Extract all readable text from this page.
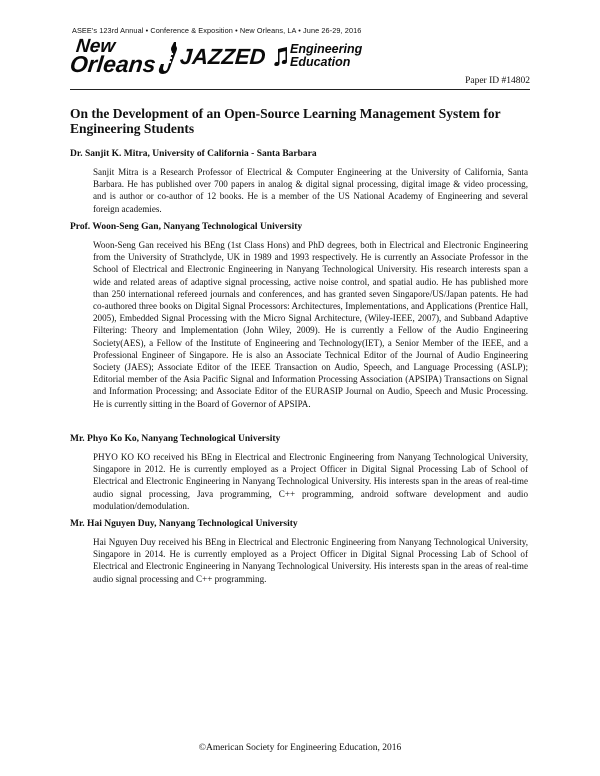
ASEE's 123rd Annual • Conference & Exposition • New Orleans, LA • June 26-29, 2016
New
Orleans JAZZED Engineering
Education
Paper ID #14802
On the Development of an Open-Source Learning Management System for Engineering Students
Dr. Sanjit K. Mitra, University of California - Santa Barbara

Sanjit Mitra is a Research Professor of Electrical & Computer Engineering at the University of California, Santa Barbara. He has published over 700 papers in analog & digital signal processing, digital image & video processing, and is author or co-author of 12 books. He is a member of the US National Academy of Engineering and several foreign academies.

Prof. Woon-Seng Gan, Nanyang Technological University

Woon-Seng Gan received his BEng (1st Class Hons) and PhD degrees, both in Electrical and Electronic Engineering from the University of Strathclyde, UK in 1989 and 1993 respectively. He is currently an Associate Professor in the School of Electrical and Electronic Engineering in Nanyang Technological University. His research interests span a wide and related areas of adaptive signal processing, active noise control, and spatial audio. He has published more than 250 international refereed journals and conferences, and has granted seven Singapore/US/Japan patents. He had co-authored three books on Digital Signal Processors: Architectures, Implementations, and Applications (Prentice Hall, 2005), Embedded Signal Processing with the Micro Signal Architecture, (Wiley-IEEE, 2007), and Subband Adaptive Filtering: Theory and Implementation (John Wiley, 2009). He is currently a Fellow of the Audio Engineering Society(AES), a Fellow of the Institute of Engineering and Technology(IET), a Senior Member of the IEEE, and a Professional Engineer of Singapore. He is also an Associate Technical Editor of the Journal of Audio Engineering Society (JAES); Associate Editor of the IEEE Transaction on Audio, Speech, and Language Processing (ASLP); Editorial member of the Asia Pacific Signal and Information Processing Association (APSIPA) Transactions on Signal and Information Processing; and Associate Editor of the EURASIP Journal on Audio, Speech and Music Processing. He is currently sitting in the Board of Governor of APSIPA.

Mr. Phyo Ko Ko, Nanyang Technological University

PHYO KO KO received his BEng in Electrical and Electronic Engineering from Nanyang Technological University, Singapore in 2012. He is currently employed as a Project Officer in Digital Signal Processing Lab of School of Electrical and Electronic Engineering in Nanyang Technological University. His interests span in the areas of real-time audio signal processing, Java programming, C++ programming, android software development and audio modulation/demodulation.

Mr. Hai Nguyen Duy, Nanyang Technological University

Hai Nguyen Duy received his BEng in Electrical and Electronic Engineering from Nanyang Technological University, Singapore in 2014. He is currently employed as a Project Officer in Digital Signal Processing Lab of School of Electrical and Electronic Engineering in Nanyang Technological University. His interests span in the areas of real-time audio signal processing and C++ programming.

©American Society for Engineering Education, 2016
